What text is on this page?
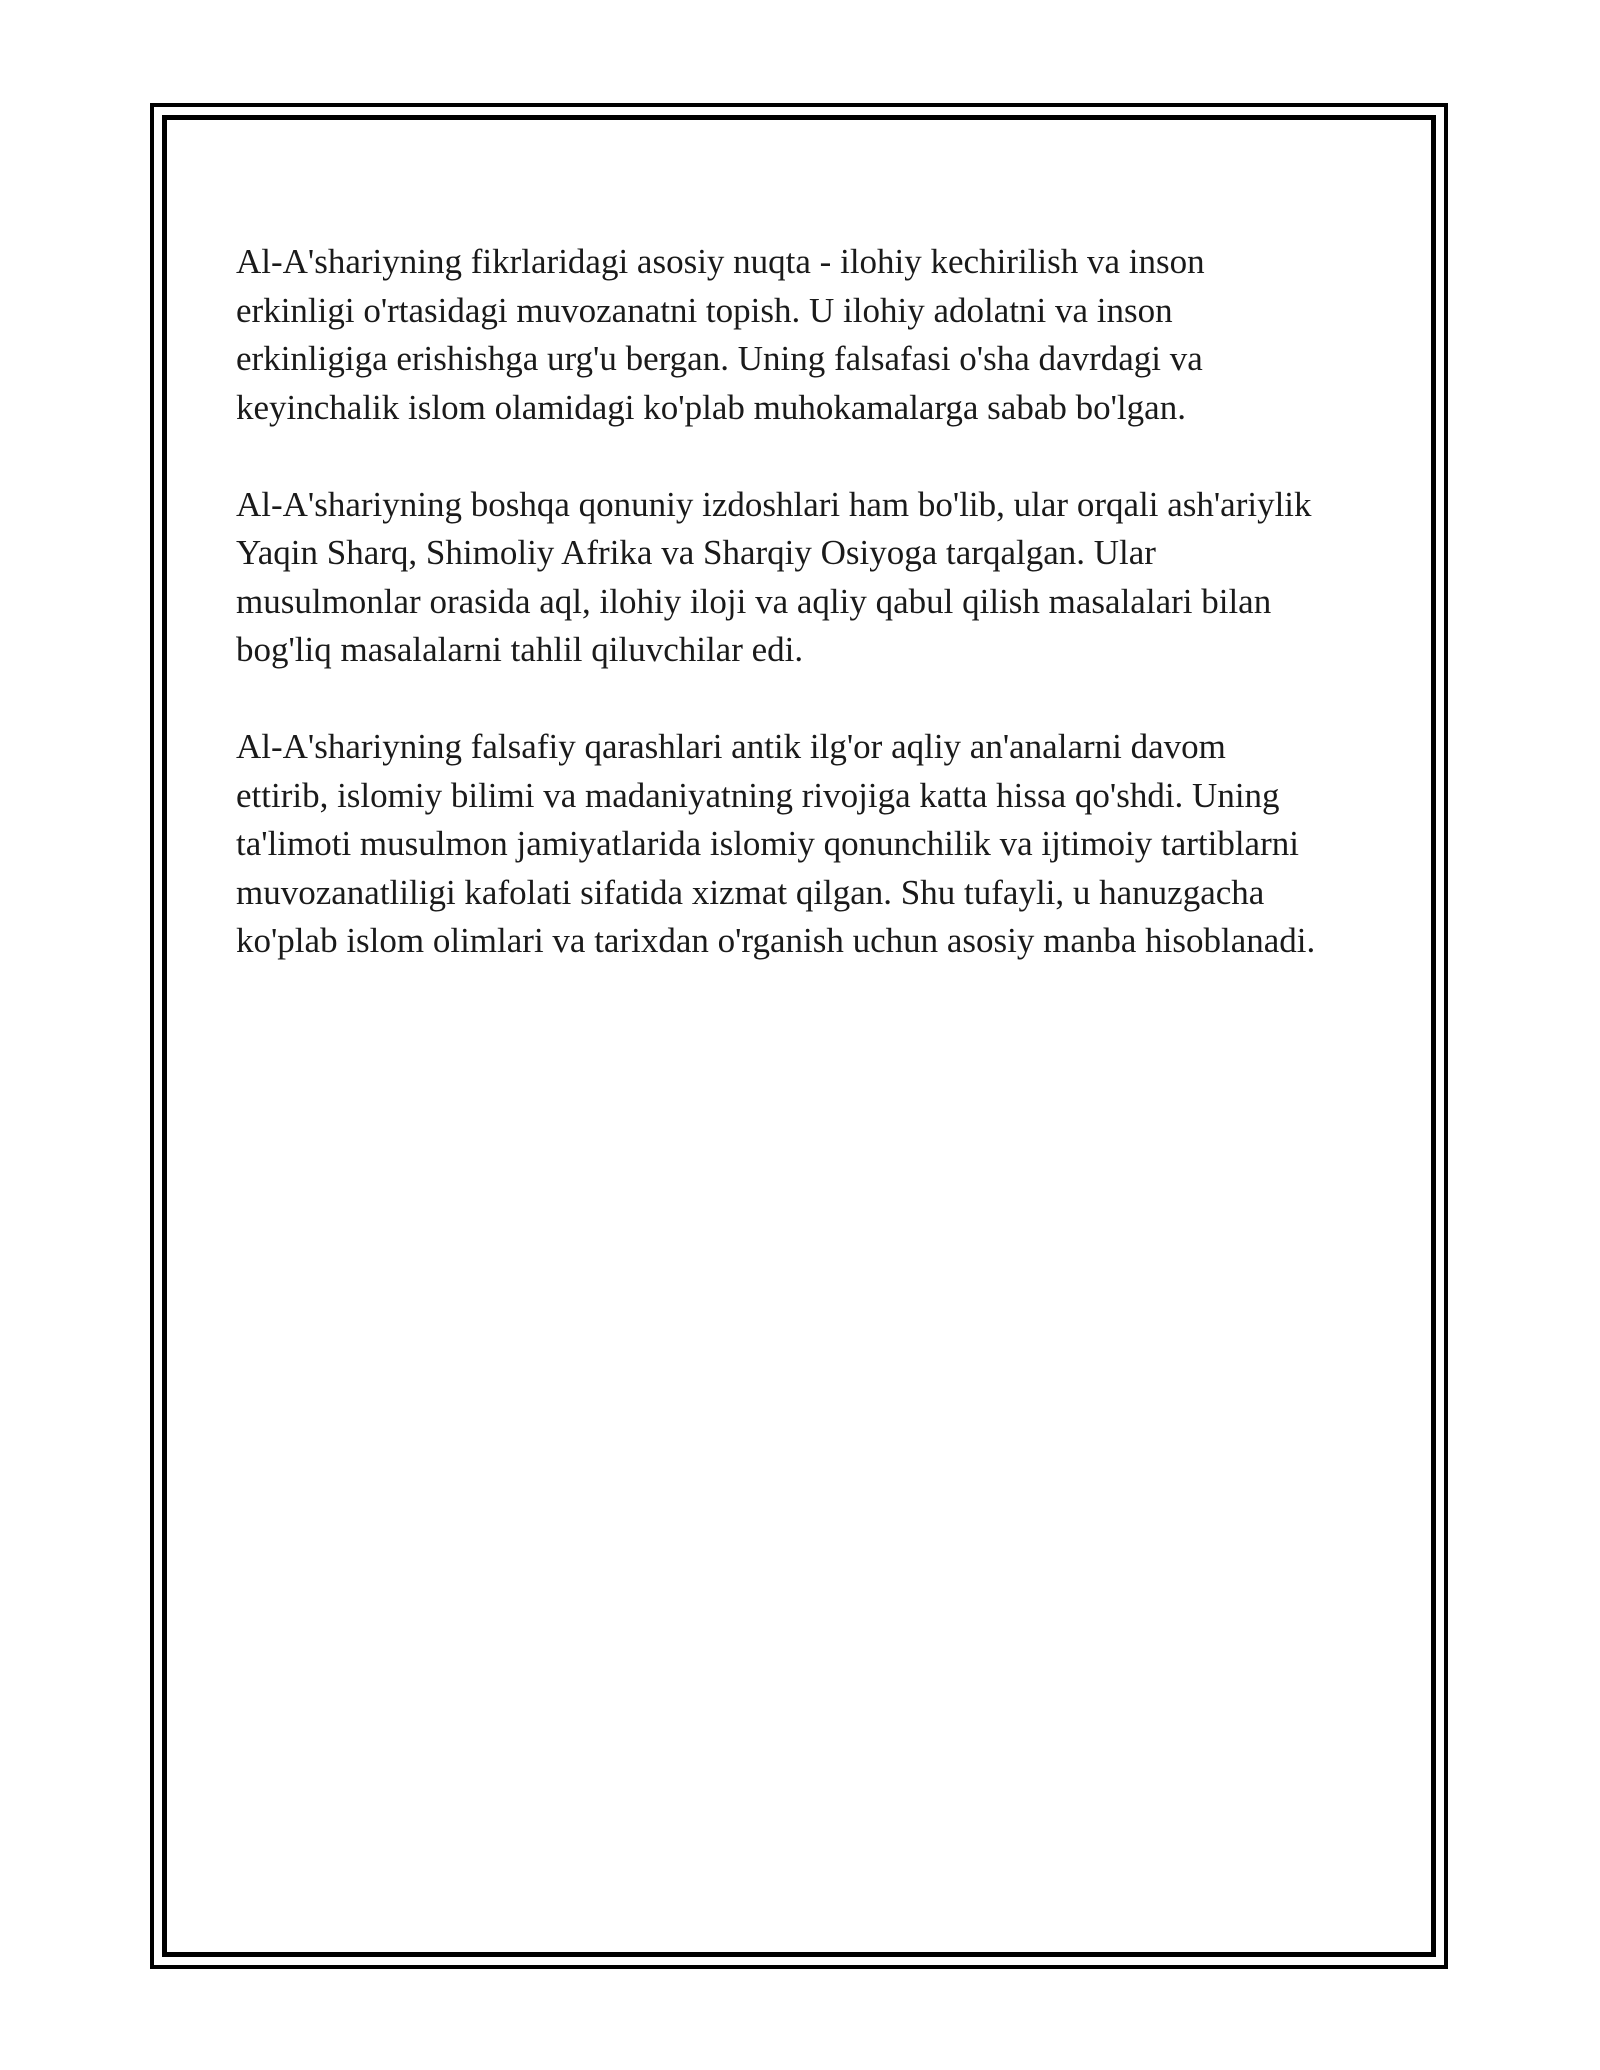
Al-A'shariyning fikrlaridagi asosiy nuqta - ilohiy kechirilish va inson
erkinligi o'rtasidagi muvozanatni topish. U ilohiy adolatni va inson
erkinligiga erishishga urg'u bergan. Uning falsafasi o'sha davrdagi va
keyinchalik islom olamidagi ko'plab muhokamalarga sabab bo'lgan.

Al-A'shariyning boshqa qonuniy izdoshlari ham bo'lib, ular orqali ash'ariylik
Yaqin Sharq, Shimoliy Afrika va Sharqiy Osiyoga tarqalgan. Ular
musulmonlar orasida aql, ilohiy iloji va aqliy qabul qilish masalalari bilan
bog'liq masalalarni tahlil qiluvchilar edi.

Al-A'shariyning falsafiy qarashlari antik ilg'or aqliy an'analarni davom
ettirib, islomiy bilimi va madaniyatning rivojiga katta hissa qo'shdi. Uning
ta'limoti musulmon jamiyatlarida islomiy qonunchilik va ijtimoiy tartiblarni
muvozanatliligi kafolati sifatida xizmat qilgan. Shu tufayli, u hanuzgacha
ko'plab islom olimlari va tarixdan o'rganish uchun asosiy manba hisoblanadi.
